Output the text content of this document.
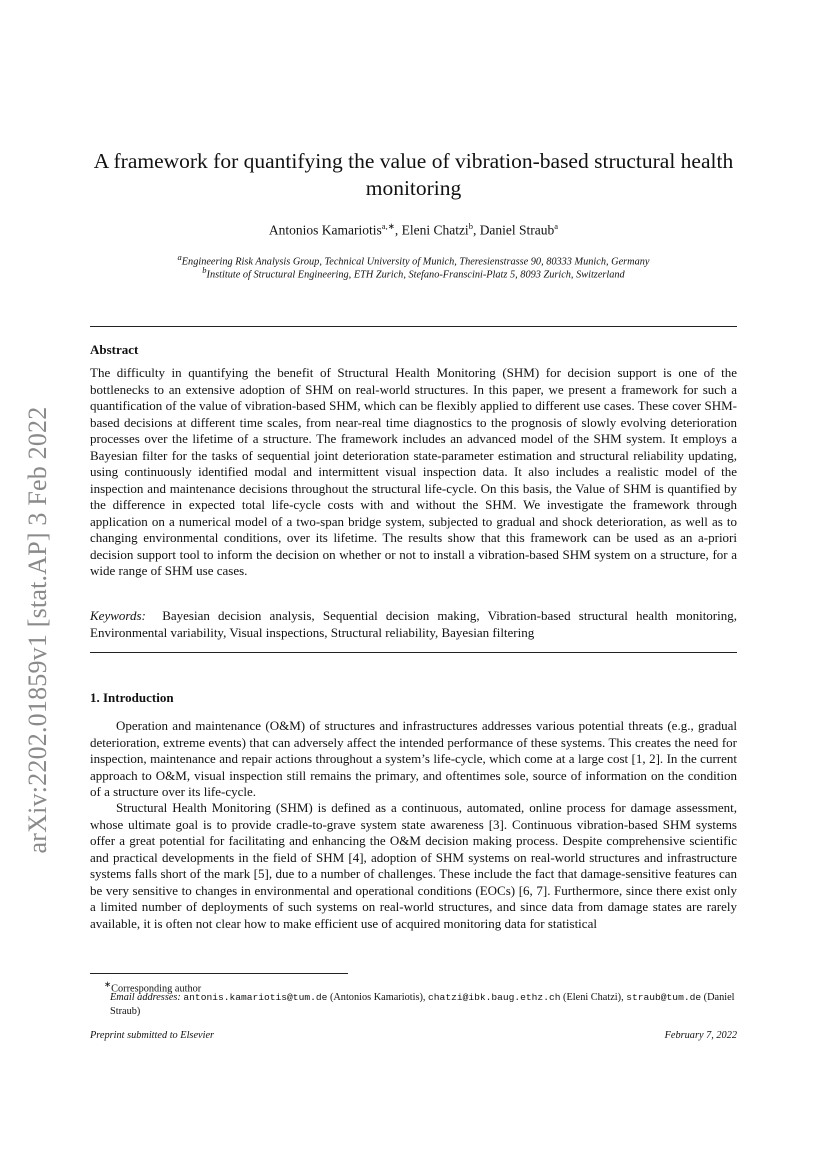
arXiv:2202.01859v1 [stat.AP] 3 Feb 2022
A framework for quantifying the value of vibration-based structural health monitoring
Antonios Kamariotis$^{a,∗}$, Eleni Chatzi$^b$, Daniel Straub$^a$
$^a$Engineering Risk Analysis Group, Technical University of Munich, Theresienstrasse 90, 80333 Munich, Germany
$^b$Institute of Structural Engineering, ETH Zurich, Stefano-Franscini-Platz 5, 8093 Zurich, Switzerland
Abstract
The difficulty in quantifying the benefit of Structural Health Monitoring (SHM) for decision support is one of the bottlenecks to an extensive adoption of SHM on real-world structures. In this paper, we present a framework for such a quantification of the value of vibration-based SHM, which can be flexibly applied to different use cases. These cover SHM-based decisions at different time scales, from near-real time diagnostics to the prognosis of slowly evolving deterioration processes over the lifetime of a structure. The framework includes an advanced model of the SHM system. It employs a Bayesian filter for the tasks of sequential joint deterioration state-parameter estimation and structural reliability updating, using continuously identified modal and intermittent visual inspection data. It also includes a realistic model of the inspection and maintenance decisions throughout the structural life-cycle. On this basis, the Value of SHM is quantified by the difference in expected total life-cycle costs with and without the SHM. We investigate the framework through application on a numerical model of a two-span bridge system, subjected to gradual and shock deterioration, as well as to changing environmental conditions, over its lifetime. The results show that this framework can be used as an a-priori decision support tool to inform the decision on whether or not to install a vibration-based SHM system on a structure, for a wide range of SHM use cases.
Keywords: Bayesian decision analysis, Sequential decision making, Vibration-based structural health monitoring, Environmental variability, Visual inspections, Structural reliability, Bayesian filtering
1. Introduction
Operation and maintenance (O&M) of structures and infrastructures addresses various potential threats (e.g., gradual deterioration, extreme events) that can adversely affect the intended performance of these systems. This creates the need for inspection, maintenance and repair actions throughout a system’s life-cycle, which come at a large cost [1, 2]. In the current approach to O&M, visual inspection still remains the primary, and oftentimes sole, source of information on the condition of a structure over its life-cycle.
Structural Health Monitoring (SHM) is defined as a continuous, automated, online process for damage assessment, whose ultimate goal is to provide cradle-to-grave system state awareness [3]. Continuous vibration-based SHM systems offer a great potential for facilitating and enhancing the O&M decision making process. Despite comprehensive scientific and practical developments in the field of SHM [4], adoption of SHM systems on real-world structures and infrastructure systems falls short of the mark [5], due to a number of challenges. These include the fact that damage-sensitive features can be very sensitive to changes in environmental and operational conditions (EOCs) [6, 7]. Furthermore, since there exist only a limited number of deployments of such systems on real-world structures, and since data from damage states are rarely available, it is often not clear how to make efficient use of acquired monitoring data for statistical
∗Corresponding author
Email addresses: antonis.kamariotis@tum.de (Antonios Kamariotis), chatzi@ibk.baug.ethz.ch (Eleni Chatzi), straub@tum.de (Daniel Straub)
Preprint submitted to Elsevier	February 7, 2022
